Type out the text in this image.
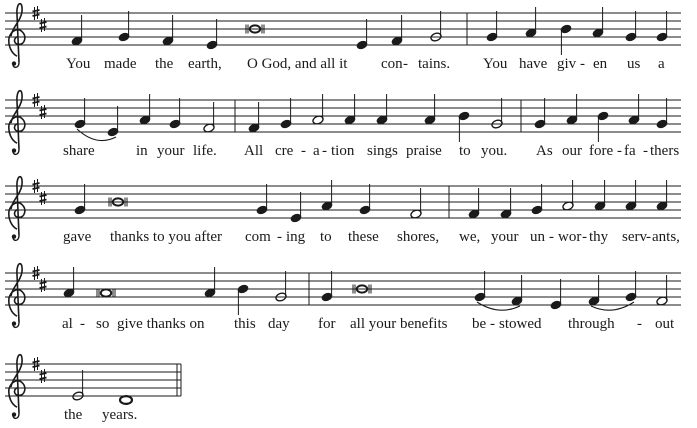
You made the earth, O God, and all it con - tains. You have giv - en us a
share	in your life. All cre - a - tion sings praise to you. As our fore - fa - thers
gave thanks to you after com - ing to these shores, we, your un - wor - thy serv - ants,
al - so give thanks on this day for all your benefits be - stowed through - out
the years.
